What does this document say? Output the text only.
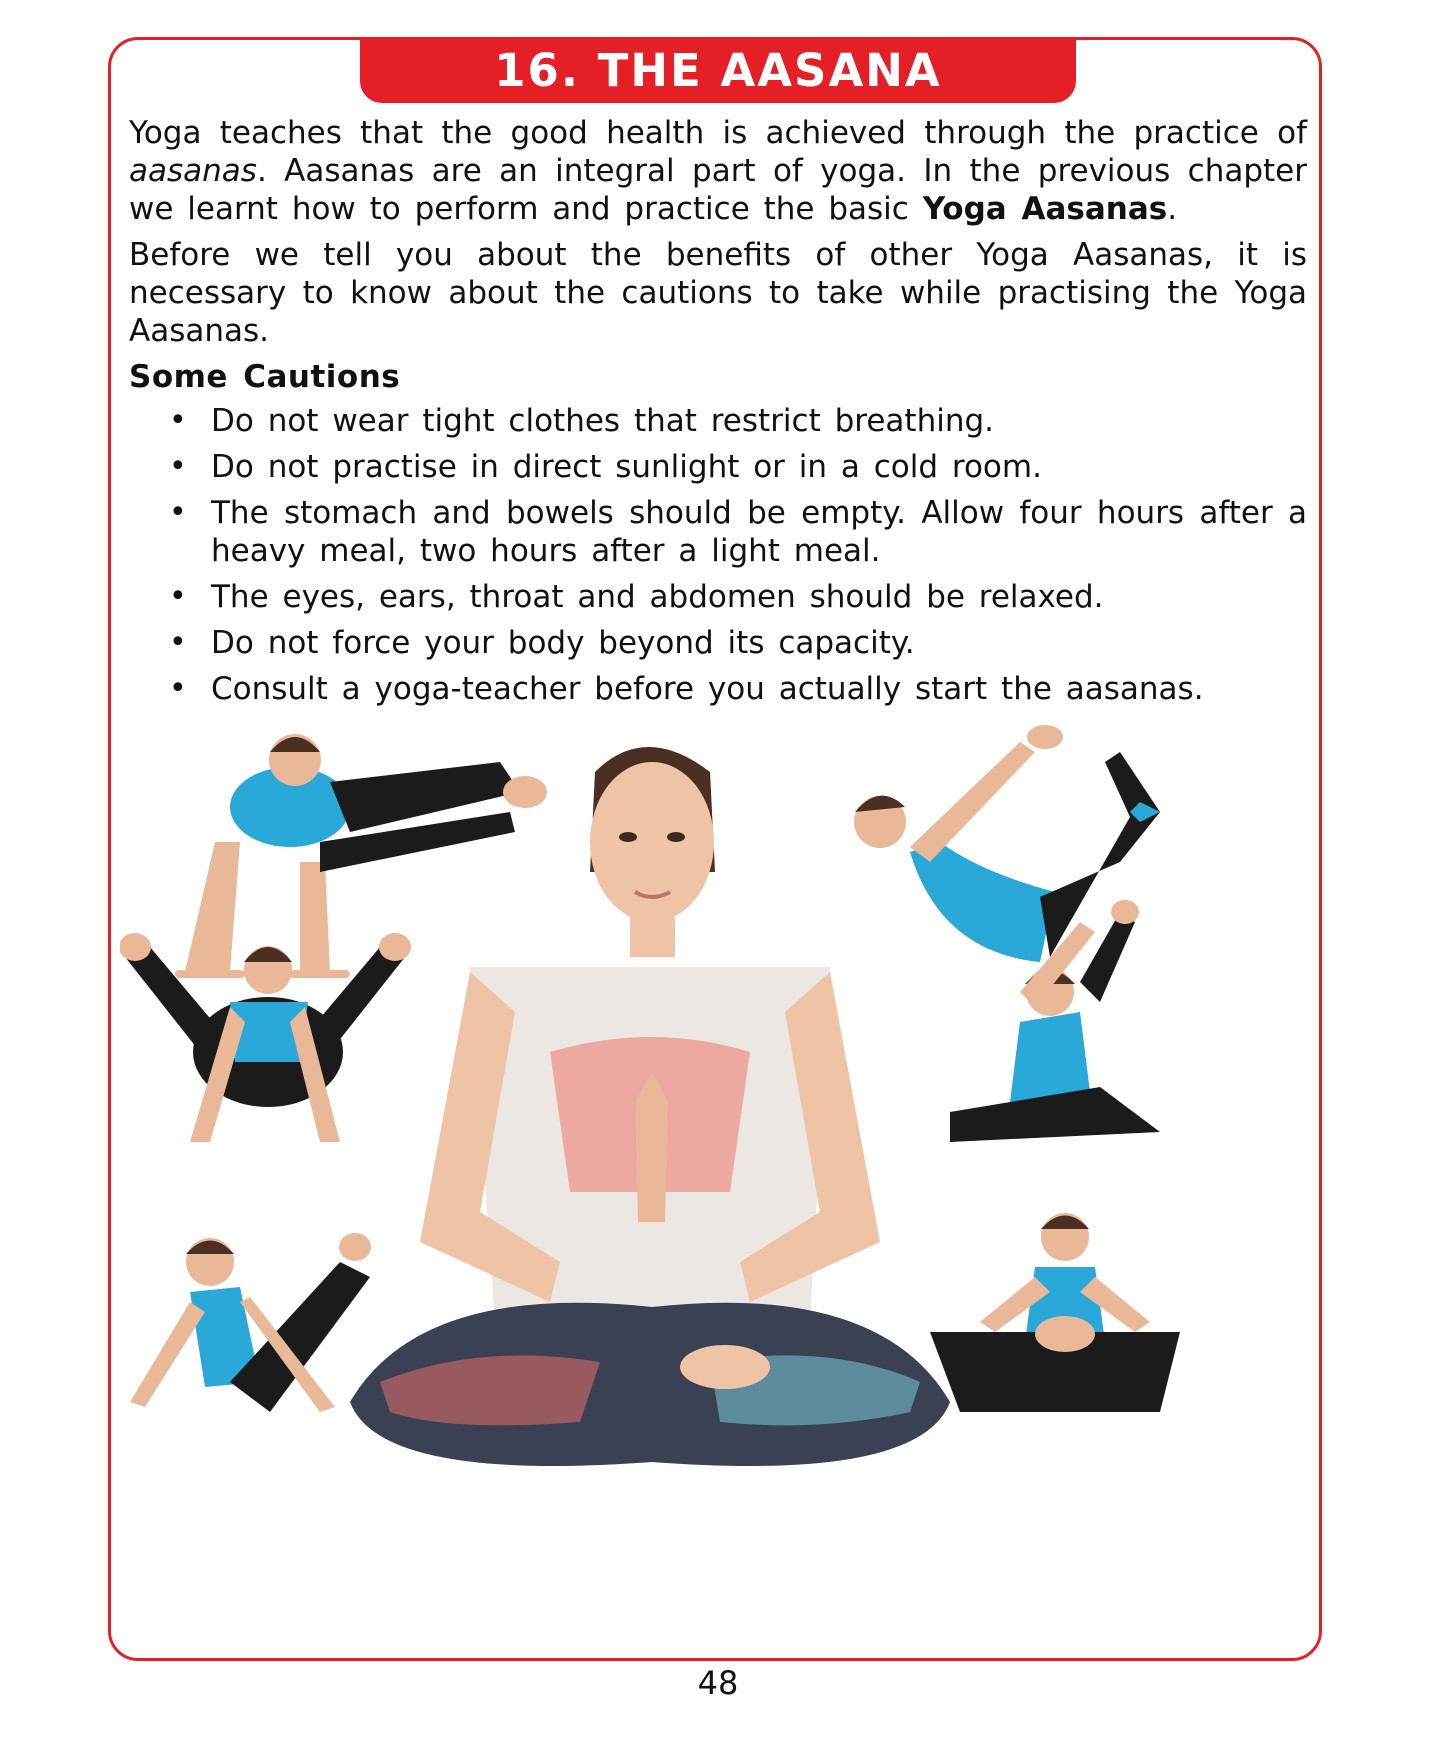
16. THE AASANA

Yoga teaches that the good health is achieved through the practice of aasanas. Aasanas are an integral part of yoga. In the previous chapter we learnt how to perform and practice the basic Yoga Aasanas.

Before we tell you about the benefits of other Yoga Aasanas, it is necessary to know about the cautions to take while practising the Yoga Aasanas.

Some Cautions
• Do not wear tight clothes that restrict breathing.
• Do not practise in direct sunlight or in a cold room.
• The stomach and bowels should be empty. Allow four hours after a heavy meal, two hours after a light meal.
• The eyes, ears, throat and abdomen should be relaxed.
• Do not force your body beyond its capacity.
• Consult a yoga-teacher before you actually start the aasanas.
48
